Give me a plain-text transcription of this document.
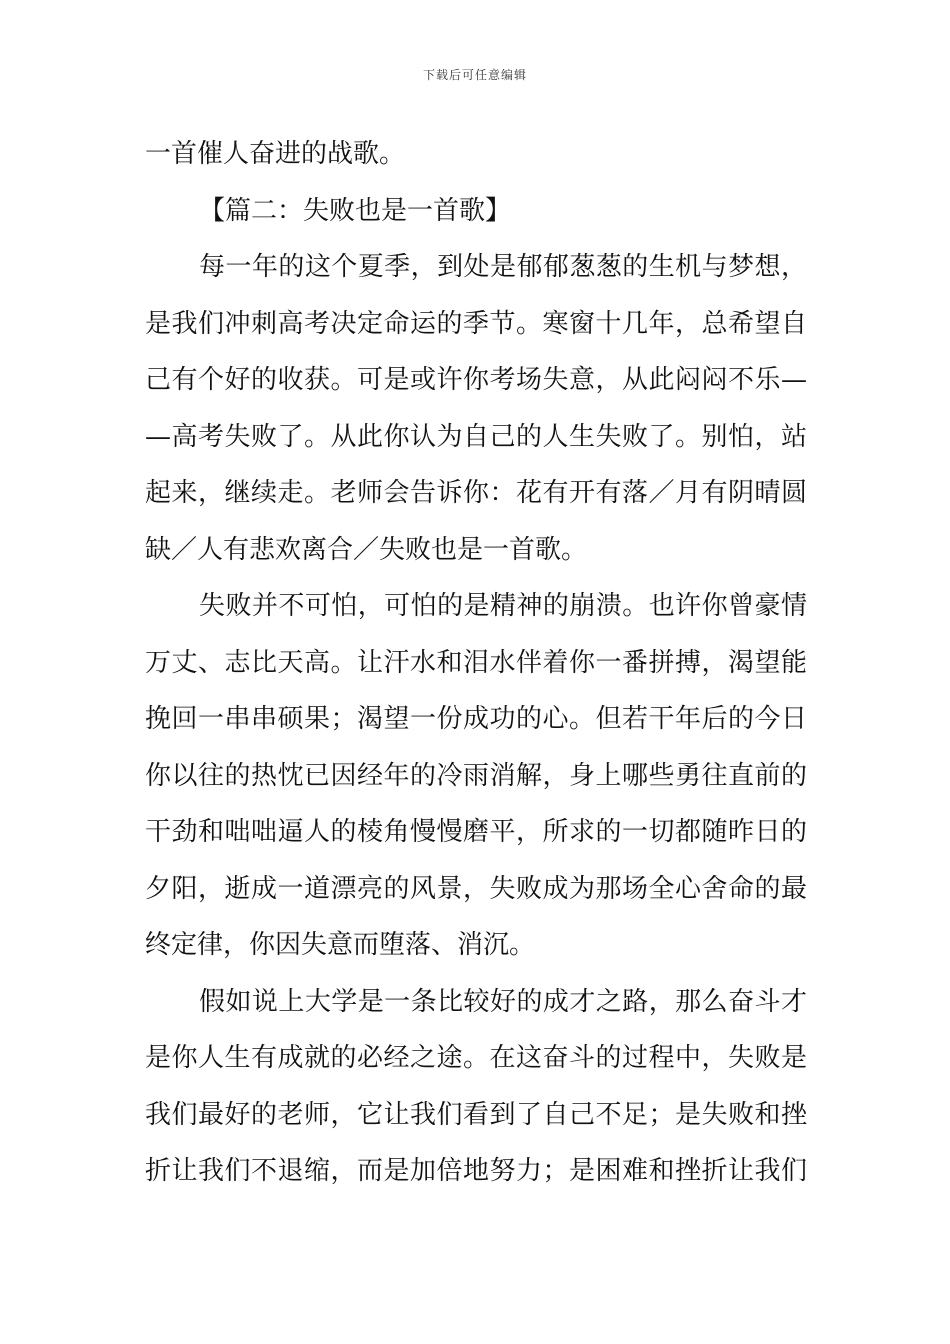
下载后可任意编辑
一首催人奋进的战歌。
【篇二：失败也是一首歌】
每一年的这个夏季，到处是郁郁葱葱的生机与梦想，
是我们冲刺高考决定命运的季节。寒窗十几年，总希望自
己有个好的收获。可是或许你考场失意，从此闷闷不乐—
—高考失败了。从此你认为自己的人生失败了。别怕，站
起来，继续走。老师会告诉你：花有开有落／月有阴晴圆
缺／人有悲欢离合／失败也是一首歌。
失败并不可怕，可怕的是精神的崩溃。也许你曾豪情
万丈、志比天高。让汗水和泪水伴着你一番拼搏，渴望能
挽回一串串硕果；渴望一份成功的心。但若干年后的今日
你以往的热忱已因经年的冷雨消解，身上哪些勇往直前的
干劲和咄咄逼人的棱角慢慢磨平，所求的一切都随昨日的
夕阳，逝成一道漂亮的风景，失败成为那场全心舍命的最
终定律，你因失意而堕落、消沉。
假如说上大学是一条比较好的成才之路，那么奋斗才
是你人生有成就的必经之途。在这奋斗的过程中，失败是
我们最好的老师，它让我们看到了自己不足；是失败和挫
折让我们不退缩，而是加倍地努力；是困难和挫折让我们
